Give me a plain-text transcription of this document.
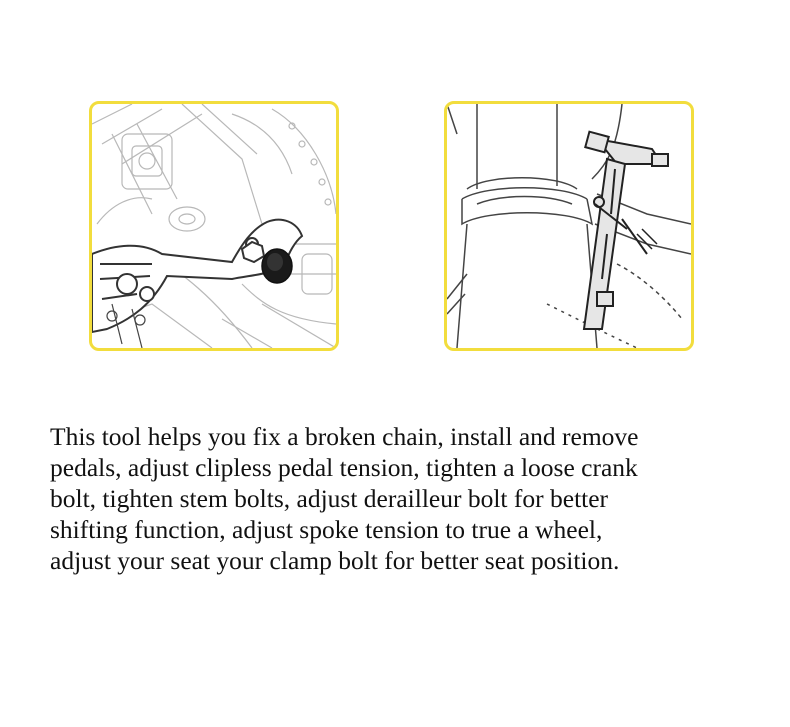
This tool helps you fix a broken chain, install and remove
pedals, adjust clipless pedal tension, tighten a loose crank
bolt, tighten stem bolts, adjust derailleur bolt for better
shifting function, adjust spoke tension to true a wheel,
adjust your seat your clamp bolt for better seat position.
